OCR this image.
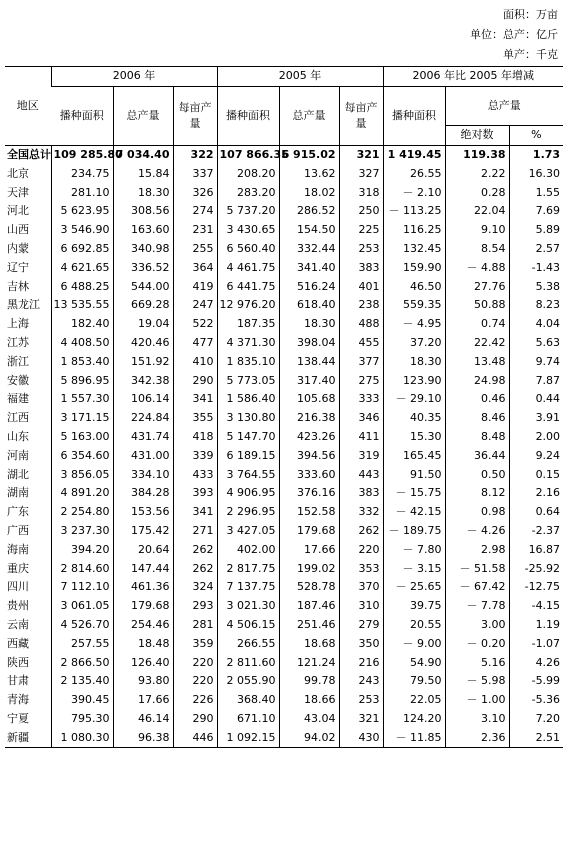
面积：万亩
单位：总产：亿斤
单产：千克
地区	2006 年			2005 年			2006 年比 2005 年增减		
	播种面积	总产量	每亩产量	播种面积	总产量	每亩产量	播种面积	总产量	
								绝对数	%
全国总计	109 285.80	7 034.40	322	107 866.35	6 915.02	321	1 419.45	119.38	1.73
北京	234.75	15.84	337	208.20	13.62	327	26.55	2.22	16.30
天津	281.10	18.30	326	283.20	18.02	318	－ 2.10	0.28	1.55
河北	5 623.95	308.56	274	5 737.20	286.52	250	－ 113.25	22.04	7.69
山西	3 546.90	163.60	231	3 430.65	154.50	225	116.25	9.10	5.89
内蒙	6 692.85	340.98	255	6 560.40	332.44	253	132.45	8.54	2.57
辽宁	4 621.65	336.52	364	4 461.75	341.40	383	159.90	－ 4.88	-1.43
吉林	6 488.25	544.00	419	6 441.75	516.24	401	46.50	27.76	5.38
黑龙江	13 535.55	669.28	247	12 976.20	618.40	238	559.35	50.88	8.23
上海	182.40	19.04	522	187.35	18.30	488	－ 4.95	0.74	4.04
江苏	4 408.50	420.46	477	4 371.30	398.04	455	37.20	22.42	5.63
浙江	1 853.40	151.92	410	1 835.10	138.44	377	18.30	13.48	9.74
安徽	5 896.95	342.38	290	5 773.05	317.40	275	123.90	24.98	7.87
福建	1 557.30	106.14	341	1 586.40	105.68	333	－ 29.10	0.46	0.44
江西	3 171.15	224.84	355	3 130.80	216.38	346	40.35	8.46	3.91
山东	5 163.00	431.74	418	5 147.70	423.26	411	15.30	8.48	2.00
河南	6 354.60	431.00	339	6 189.15	394.56	319	165.45	36.44	9.24
湖北	3 856.05	334.10	433	3 764.55	333.60	443	91.50	0.50	0.15
湖南	4 891.20	384.28	393	4 906.95	376.16	383	－ 15.75	8.12	2.16
广东	2 254.80	153.56	341	2 296.95	152.58	332	－ 42.15	0.98	0.64
广西	3 237.30	175.42	271	3 427.05	179.68	262	－ 189.75	－ 4.26	-2.37
海南	394.20	20.64	262	402.00	17.66	220	－ 7.80	2.98	16.87
重庆	2 814.60	147.44	262	2 817.75	199.02	353	－ 3.15	－ 51.58	-25.92
四川	7 112.10	461.36	324	7 137.75	528.78	370	－ 25.65	－ 67.42	-12.75
贵州	3 061.05	179.68	293	3 021.30	187.46	310	39.75	－ 7.78	-4.15
云南	4 526.70	254.46	281	4 506.15	251.46	279	20.55	3.00	1.19
西藏	257.55	18.48	359	266.55	18.68	350	－ 9.00	－ 0.20	-1.07
陕西	2 866.50	126.40	220	2 811.60	121.24	216	54.90	5.16	4.26
甘肃	2 135.40	93.80	220	2 055.90	99.78	243	79.50	－ 5.98	-5.99
青海	390.45	17.66	226	368.40	18.66	253	22.05	－ 1.00	-5.36
宁夏	795.30	46.14	290	671.10	43.04	321	124.20	3.10	7.20
新疆	1 080.30	96.38	446	1 092.15	94.02	430	－ 11.85	2.36	2.51
